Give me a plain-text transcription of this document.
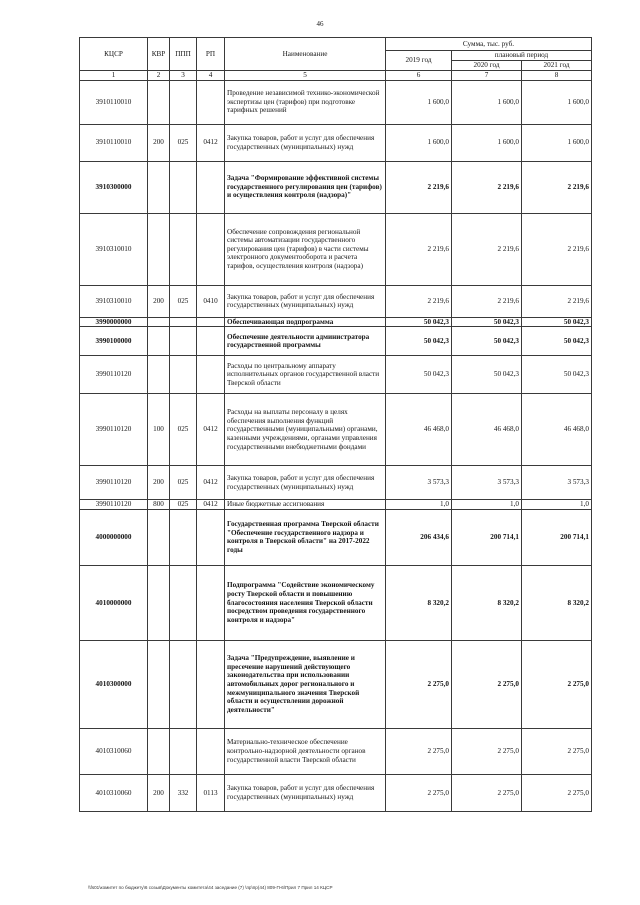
46
КЦСР	КВР	ППП	РП	Наименование	Сумма, тыс. руб.		
					2019 год	плановый период	
						2020 год	2021 год
1	2	3	4	5	6	7	8
3910110010				Проведение независимой технико-экономической экспертизы цен (тарифов) при подготовке тарифных решений	1 600,0	1 600,0	1 600,0
3910110010	200	025	0412	Закупка товаров, работ и услуг для обеспечения государственных (муниципальных) нужд	1 600,0	1 600,0	1 600,0
3910300000				Задача "Формирование эффективной системы государственного регулирования цен (тарифов) и осуществления контроля (надзора)"	2 219,6	2 219,6	2 219,6
3910310010				Обеспечение сопровождения региональной системы автоматизации государственного регулирования цен (тарифов) в части системы электронного документооборота и расчета тарифов, осуществления контроля (надзора)	2 219,6	2 219,6	2 219,6
3910310010	200	025	0410	Закупка товаров, работ и услуг для обеспечения государственных (муниципальных) нужд	2 219,6	2 219,6	2 219,6
3990000000				Обеспечивающая подпрограмма	50 042,3	50 042,3	50 042,3
3990100000				Обеспечение деятельности администратора государственной программы	50 042,3	50 042,3	50 042,3
3990110120				Расходы по центральному аппарату исполнительных органов государственной власти Тверской области	50 042,3	50 042,3	50 042,3
3990110120	100	025	0412	Расходы на выплаты персоналу в целях обеспечения выполнения функций государственными (муниципальными) органами, казенными учреждениями, органами управления государственными внебюджетными фондами	46 468,0	46 468,0	46 468,0
3990110120	200	025	0412	Закупка товаров, работ и услуг для обеспечения государственных (муниципальных) нужд	3 573,3	3 573,3	3 573,3
3990110120	800	025	0412	Иные бюджетные ассигнования	1,0	1,0	1,0
4000000000				Государственная программа Тверской области "Обеспечение государственного надзора и контроля в Тверской области" на 2017-2022 годы	206 434,6	200 714,1	200 714,1
4010000000				Подпрограмма "Содействие экономическому росту Тверской области и повышению благосостояния населения Тверской области посредством проведения государственного контроля и надзора"	8 320,2	8 320,2	8 320,2
4010300000				Задача "Предупреждение, выявление и пресечение нарушений действующего законодательства при использовании автомобильных дорог регионального и межмуниципального значения Тверской области и осуществлении дорожной деятельности"	2 275,0	2 275,0	2 275,0
4010310060				Материально-техническое обеспечение контрольно-надзорной деятельности органов государственной власти Тверской области	2 275,0	2 275,0	2 275,0
4010310060	200	332	0113	Закупка товаров, работ и услуг для обеспечения государственных (муниципальных) нужд	2 275,0	2 275,0	2 275,0
\\fs01\комитет по бюджету\6 созыв\Документы комитета\44 заседание (7) \пр\пр(44) 809-П-6\Прил 7 Прил 14 КЦСР
